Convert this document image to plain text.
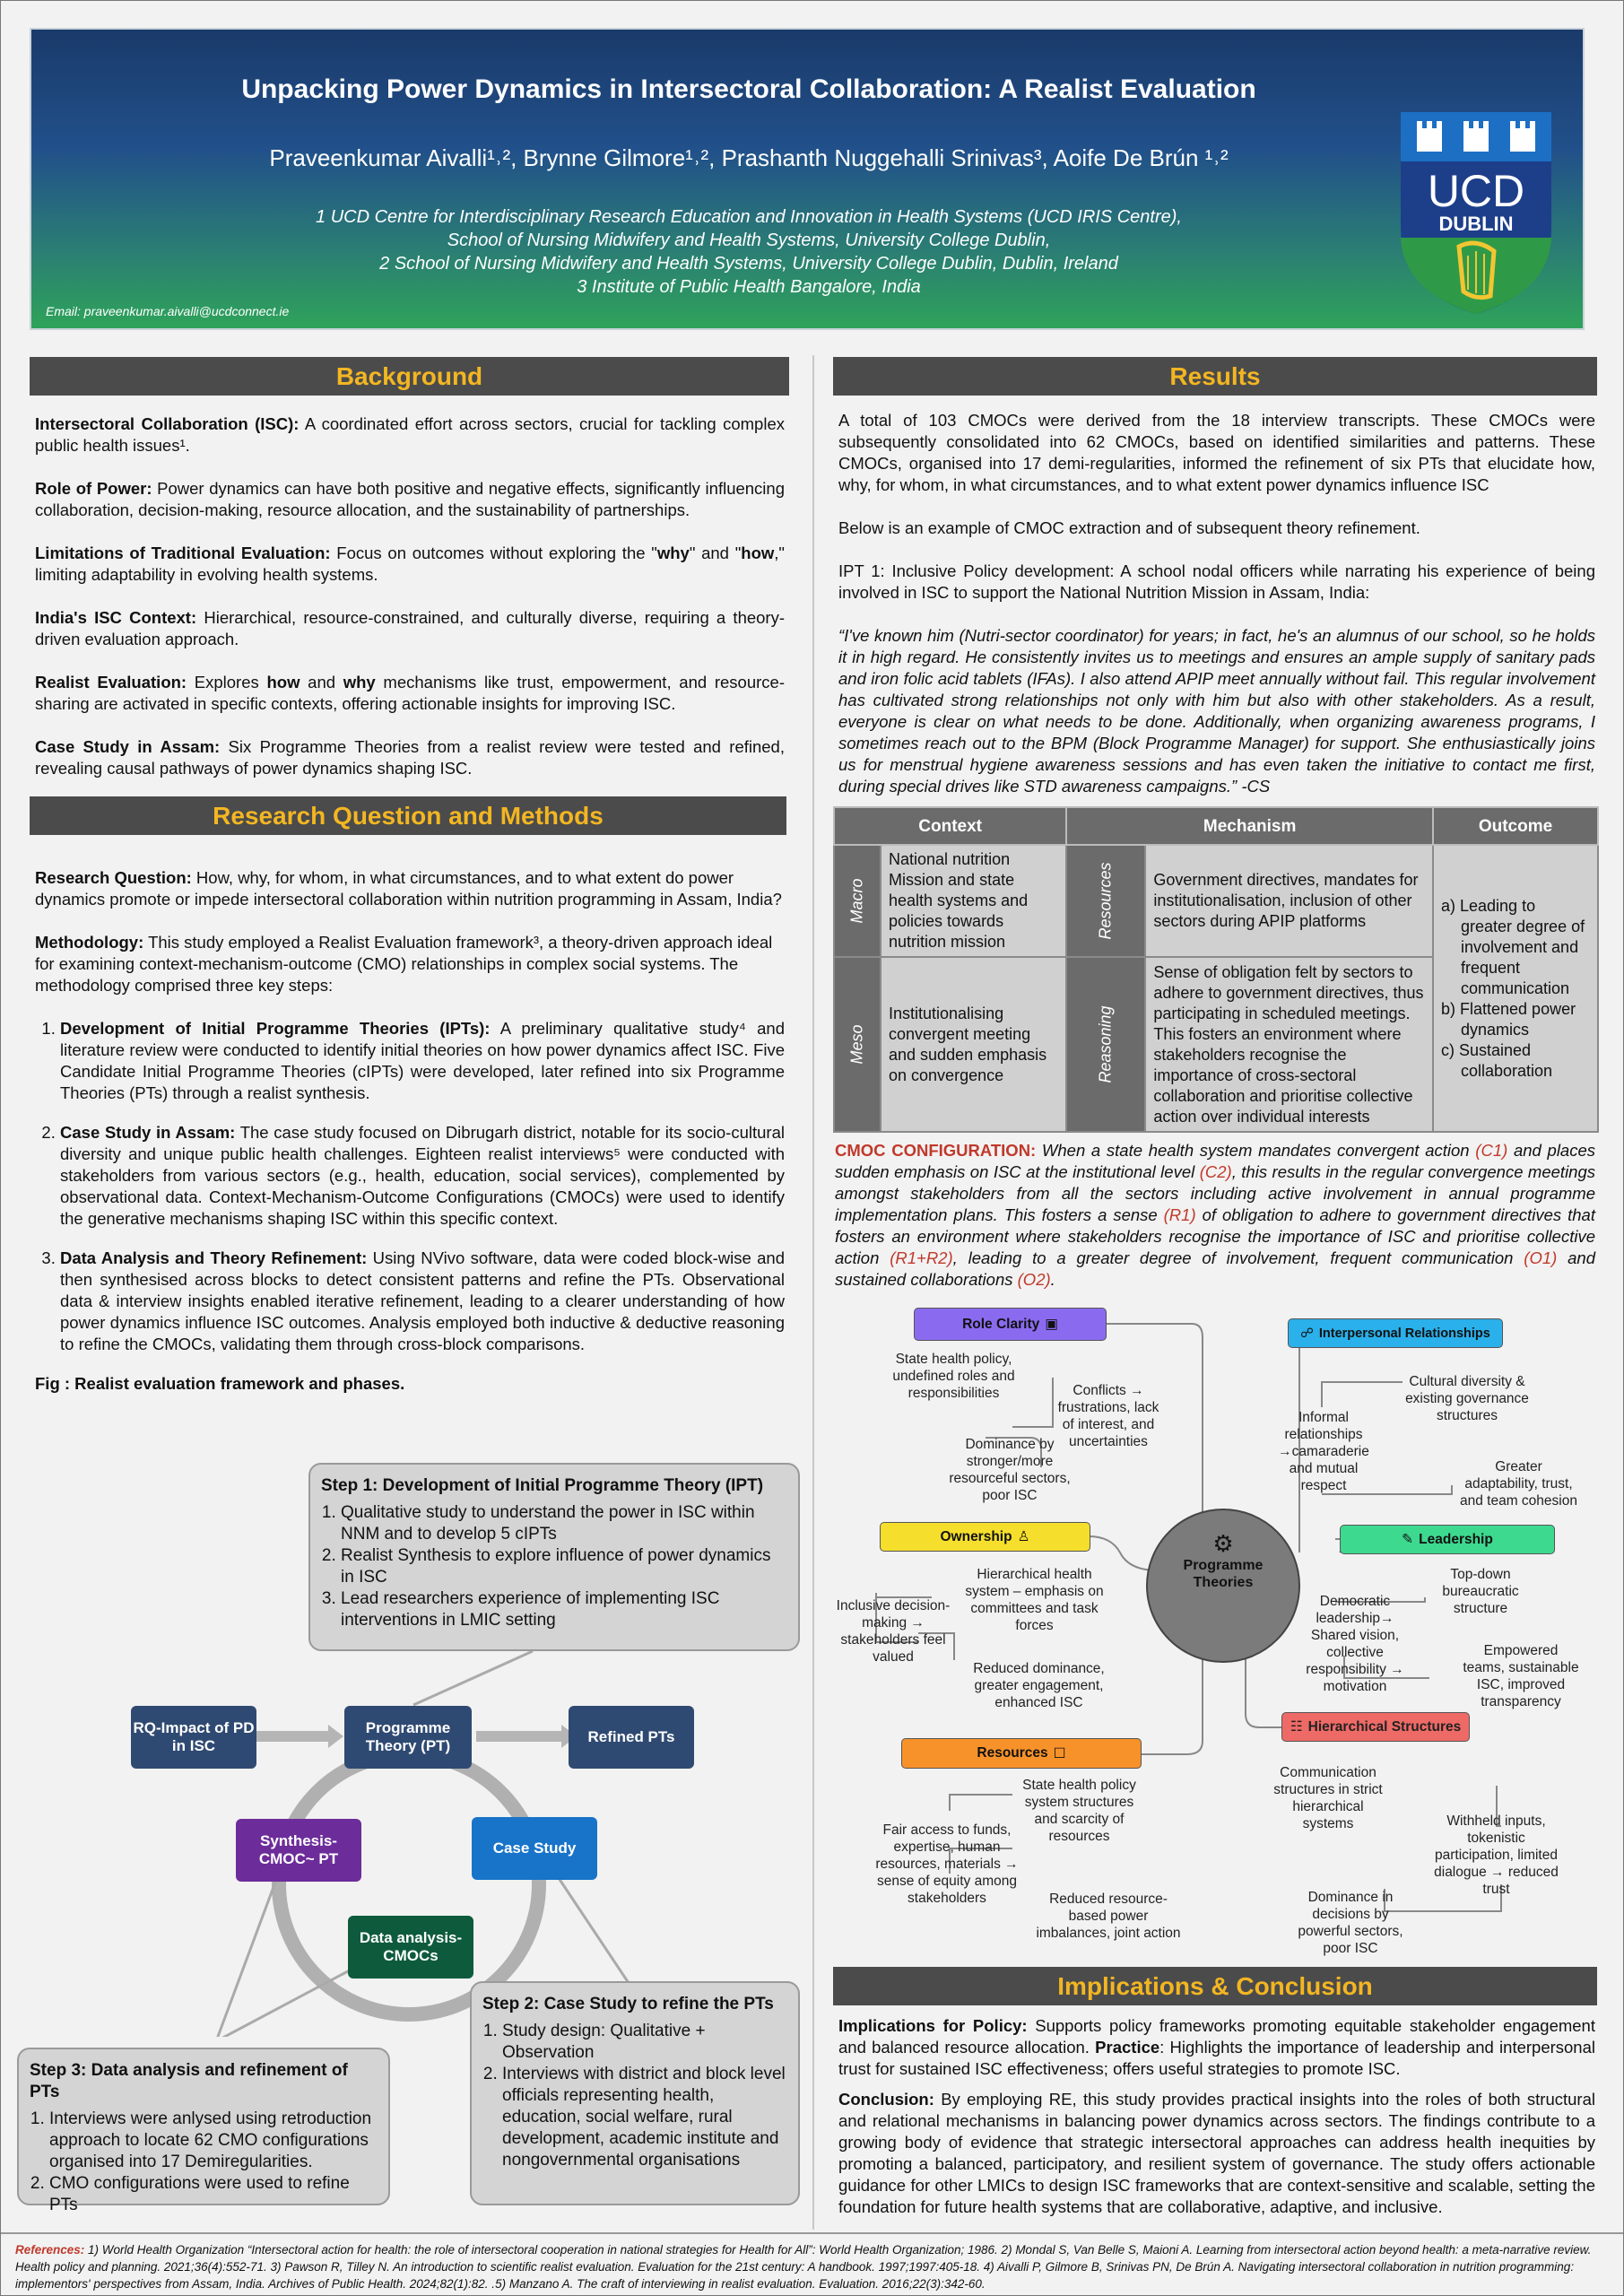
Unpacking Power Dynamics in Intersectoral Collaboration: A Realist Evaluation
Praveenkumar Aivalli¹˒², Brynne Gilmore¹˒², Prashanth Nuggehalli Srinivas³, Aoife De Brún ¹˒²
1 UCD Centre for Interdisciplinary Research Education and Innovation in Health Systems (UCD IRIS Centre),
School of Nursing Midwifery and Health Systems, University College Dublin,
2 School of Nursing Midwifery and Health Systems, University College Dublin, Dublin, Ireland
3 Institute of Public Health Bangalore, India
Email: praveenkumar.aivalli@ucdconnect.ie
UCD
DUBLIN
Background

Intersectoral Collaboration (ISC): A coordinated effort across sectors, crucial for tackling complex public health issues¹.

Role of Power: Power dynamics can have both positive and negative effects, significantly influencing collaboration, decision-making, resource allocation, and the sustainability of partnerships.

Limitations of Traditional Evaluation: Focus on outcomes without exploring the "why" and "how," limiting adaptability in evolving health systems.

India's ISC Context: Hierarchical, resource-constrained, and culturally diverse, requiring a theory-driven evaluation approach.

Realist Evaluation: Explores how and why mechanisms like trust, empowerment, and resource-sharing are activated in specific contexts, offering actionable insights for improving ISC.

Case Study in Assam: Six Programme Theories from a realist review were tested and refined, revealing causal pathways of power dynamics shaping ISC.

Research Question and Methods

Research Question: How, why, for whom, in what circumstances, and to what extent do power dynamics promote or impede intersectoral collaboration within nutrition programming in Assam, India?

Methodology: This study employed a Realist Evaluation framework³, a theory-driven approach ideal for examining context-mechanism-outcome (CMO) relationships in complex social systems. The methodology comprised three key steps:

1. Development of Initial Programme Theories (IPTs): A preliminary qualitative study⁴ and literature review were conducted to identify initial theories on how power dynamics affect ISC. Five Candidate Initial Programme Theories (cIPTs) were developed, later refined into six Programme Theories (PTs) through a realist synthesis.
2. Case Study in Assam: The case study focused on Dibrugarh district, notable for its socio-cultural diversity and unique public health challenges. Eighteen realist interviews⁵ were conducted with stakeholders from various sectors (e.g., health, education, social services), complemented by observational data. Context-Mechanism-Outcome Configurations (CMOCs) were used to identify the generative mechanisms shaping ISC within this specific context.
3. Data Analysis and Theory Refinement: Using NVivo software, data were coded block-wise and then synthesised across blocks to detect consistent patterns and refine the PTs. Observational data & interview insights enabled iterative refinement, leading to a clearer understanding of how power dynamics influence ISC outcomes. Analysis employed both inductive & deductive reasoning to refine the CMOCs, validating them through cross-block comparisons.

Fig : Realist evaluation framework and phases.

Step 1: Development of Initial Programme Theory (IPT)
1. Qualitative study to understand the power in ISC within NNM and to develop 5 cIPTs
2. Realist Synthesis to explore influence of power dynamics in ISC
3. Lead researchers experience of implementing ISC interventions in LMIC setting
RQ-Impact of PD in ISC
Programme Theory (PT)
Refined PTs
Synthesis- CMOC~ PT
Case Study
Data analysis- CMOCs
Step 2: Case Study to refine the PTs
1. Study design: Qualitative + Observation
2. Interviews with district and block level officials representing health, education, social welfare, rural development, academic institute and nongovernmental organisations
Step 3: Data analysis and refinement of PTs
1. Interviews were anlysed using retroduction approach to locate 62 CMO configurations organised into 17 Demiregularities.
2. CMO configurations were used to refine PTs
Results

A total of 103 CMOCs were derived from the 18 interview transcripts. These CMOCs were subsequently consolidated into 62 CMOCs, based on identified similarities and patterns. These CMOCs, organised into 17 demi-regularities, informed the refinement of six PTs that elucidate how, why, for whom, in what circumstances, and to what extent power dynamics influence ISC

Below is an example of CMOC extraction and of subsequent theory refinement.

IPT 1: Inclusive Policy development: A school nodal officers while narrating his experience of being involved in ISC to support the National Nutrition Mission in Assam, India:

“I've known him (Nutri-sector coordinator) for years; in fact, he's an alumnus of our school, so he holds it in high regard. He consistently invites us to meetings and ensures an ample supply of sanitary pads and iron folic acid tablets (IFAs). I also attend APIP meet annually without fail. This regular involvement has cultivated strong relationships not only with him but also with other stakeholders. As a result, everyone is clear on what needs to be done. Additionally, when organizing awareness programs, I sometimes reach out to the BPM (Block Programme Manager) for support. She enthusiastically joins us for menstrual hygiene awareness sessions and has even taken the initiative to contact me first, during special drives like STD awareness campaigns.” -CS

Context		Mechanism		Outcome
Macro	National nutrition Mission and state health systems and policies towards nutrition mission	Resources	Government directives, mandates for institutionalisation, inclusion of other sectors during APIP platforms	a) Leading to greater degree of involvement and frequent communication
b) Flattened power dynamics
c) Sustained collaboration

Meso	Institutionalising convergent meeting and sudden emphasis on convergence	Reasoning	Sense of obligation felt by sectors to adhere to government directives, thus participating in scheduled meetings. This fosters an environment where stakeholders recognise the importance of cross-sectoral collaboration and prioritise collective action over individual interests	
CMOC CONFIGURATION: When a state health system mandates convergent action (C1) and places sudden emphasis on ISC at the institutional level (C2), this results in the regular convergence meetings amongst stakeholders from all the sectors including active involvement in annual programme implementation plans. This fosters a sense (R1) of obligation to adhere to government directives that fosters an environment where stakeholders recognise the importance of ISC and prioritise collective action (R1+R2), leading to a greater degree of involvement, frequent communication (O1) and sustained collaborations (O2).
⚙
Programme Theories
Role Clarity ▣
State health policy, undefined roles and responsibilities	Conflicts → frustrations, lack of interest, and uncertainties
Dominance by stronger/more resourceful sectors, poor ISC
Ownership ♙
Hierarchical health system – emphasis on committees and task forces
Inclusive decision-making → stakeholders feel valued
Reduced dominance, greater engagement, enhanced ISC
Resources ☐
State health policy system structures and scarcity of resources
Fair access to funds, expertise, human resources, materials → sense of equity among stakeholders	Reduced resource-based power imbalances, joint action
☍ Interpersonal Relationships
Cultural diversity & existing governance structures
Informal relationships →camaraderie and mutual respect
Greater adaptability, trust, and team cohesion
✎ Leadership
Top-down bureaucratic structure
Democratic leadership→ Shared vision, collective responsibility → motivation
Empowered teams, sustainable ISC, improved transparency
☷ Hierarchical Structures
Communication structures in strict hierarchical systems	Withheld inputs, tokenistic participation, limited dialogue → reduced trust
Dominance in decisions by powerful sectors, poor ISC
Implications & Conclusion

Implications for Policy: Supports policy frameworks promoting equitable stakeholder engagement and balanced resource allocation. Practice: Highlights the importance of leadership and interpersonal trust for sustained ISC effectiveness; offers useful strategies to promote ISC.

Conclusion: By employing RE, this study provides practical insights into the roles of both structural and relational mechanisms in balancing power dynamics across sectors. The findings contribute to a growing body of evidence that strategic intersectoral approaches can address health inequities by promoting a balanced, participatory, and resilient system of governance. The study offers actionable guidance for other LMICs to design ISC frameworks that are context-sensitive and scalable, setting the foundation for future health systems that are collaborative, adaptive, and inclusive.

References: 1) World Health Organization “Intersectoral action for health: the role of intersectoral cooperation in national strategies for Health for All”: World Health Organization; 1986. 2) Mondal S, Van Belle S, Maioni A. Learning from intersectoral action beyond health: a meta-narrative review. Health policy and planning. 2021;36(4):552-71. 3) Pawson R, Tilley N. An introduction to scientific realist evaluation. Evaluation for the 21st century: A handbook. 1997;1997:405-18. 4) Aivalli P, Gilmore B, Srinivas PN, De Brún A. Navigating intersectoral collaboration in nutrition programming: implementors' perspectives from Assam, India. Archives of Public Health. 2024;82(1):82. .5) Manzano A. The craft of interviewing in realist evaluation. Evaluation. 2016;22(3):342-60.
